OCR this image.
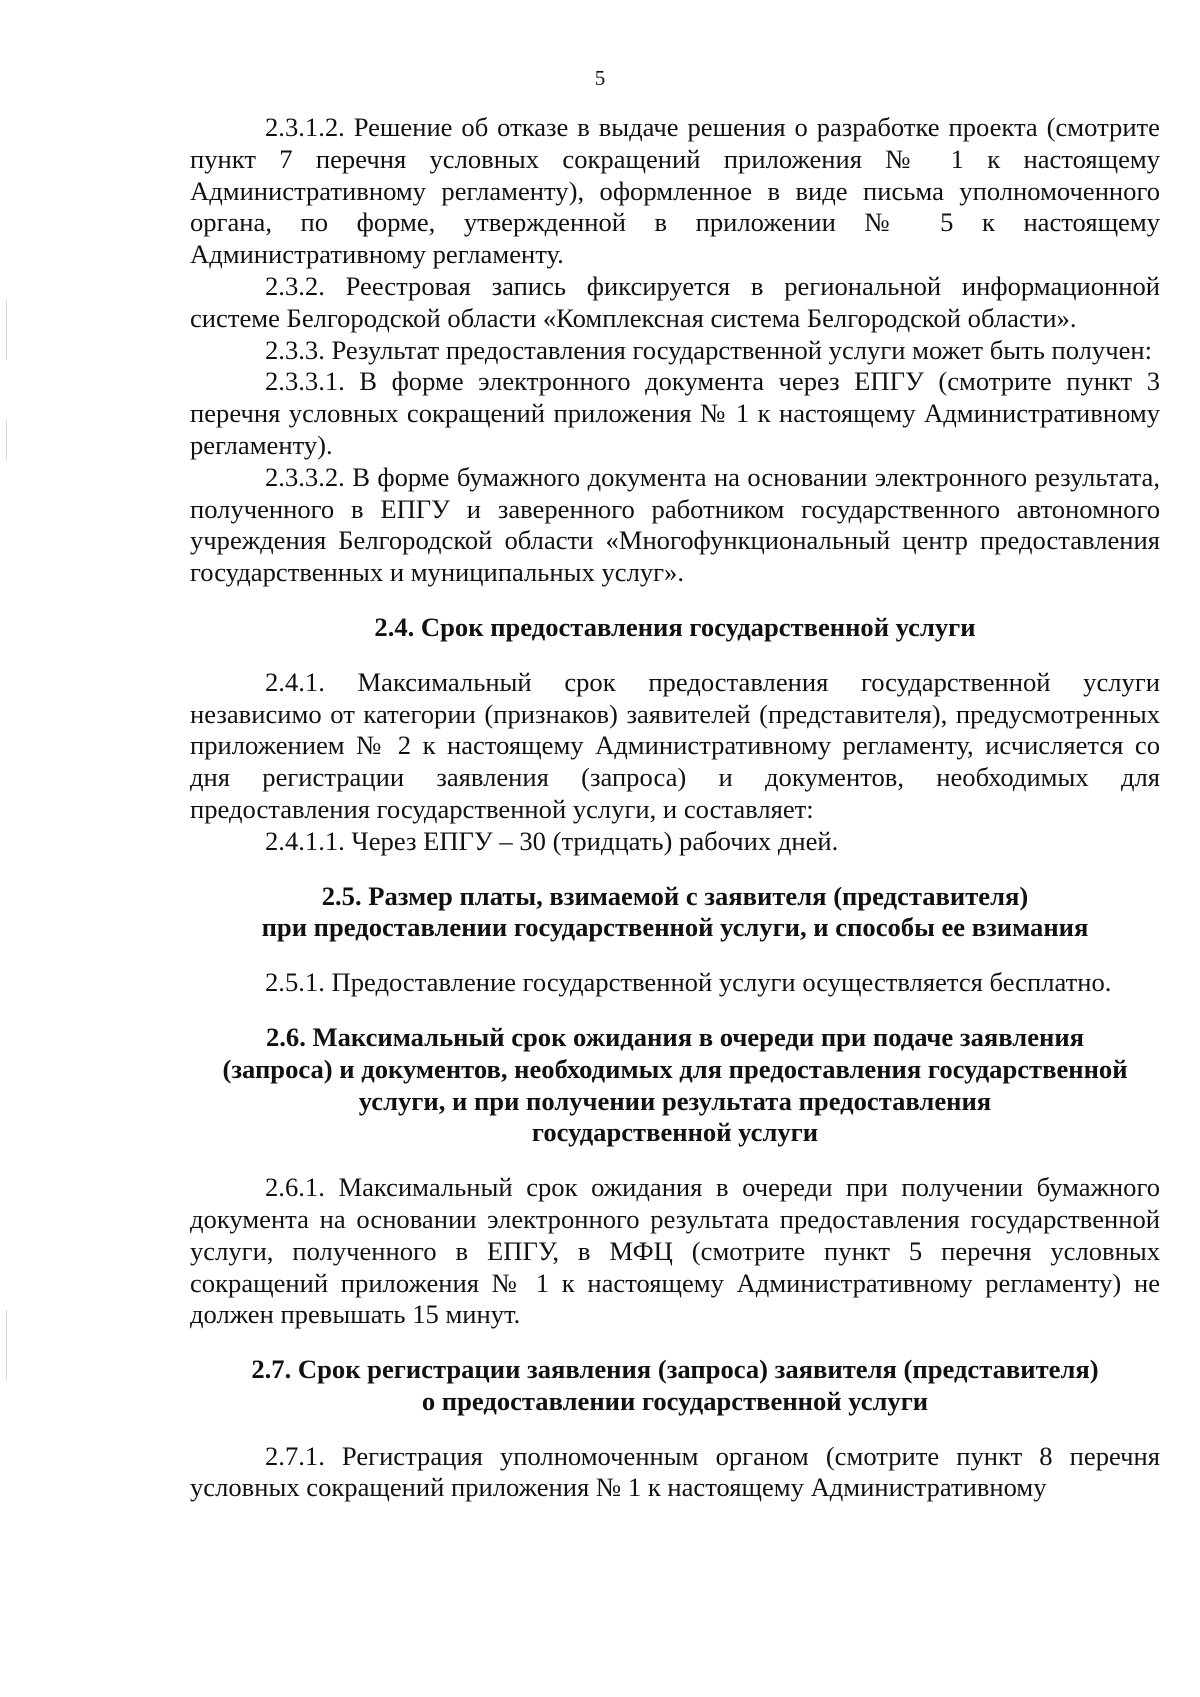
5

2.3.1.2. Решение об отказе в выдаче решения о разработке проекта (смотрите пункт 7 перечня условных сокращений приложения № 1 к настоящему Административному регламенту), оформленное в виде письма уполномоченного органа, по форме, утвержденной в приложении № 5 к настоящему Административному регламенту.

2.3.2. Реестровая запись фиксируется в региональной информационной системе Белгородской области «Комплексная система Белгородской области».

2.3.3. Результат предоставления государственной услуги может быть получен:

2.3.3.1. В форме электронного документа через ЕПГУ (смотрите пункт 3 перечня условных сокращений приложения № 1 к настоящему Административному регламенту).

2.3.3.2. В форме бумажного документа на основании электронного результата, полученного в ЕПГУ и заверенного работником государственного автономного учреждения Белгородской области «Многофункциональный центр предоставления государственных и муниципальных услуг».

2.4. Срок предоставления государственной услуги

2.4.1. Максимальный срок предоставления государственной услуги независимо от категории (признаков) заявителей (представителя), предусмотренных приложением № 2 к настоящему Административному регламенту, исчисляется со дня регистрации заявления (запроса) и документов, необходимых для предоставления государственной услуги, и составляет:

2.4.1.1. Через ЕПГУ – 30 (тридцать) рабочих дней.

2.5. Размер платы, взимаемой с заявителя (представителя)
при предоставлении государственной услуги, и способы ее взимания

2.5.1. Предоставление государственной услуги осуществляется бесплатно.

2.6. Максимальный срок ожидания в очереди при подаче заявления
(запроса) и документов, необходимых для предоставления государственной
услуги, и при получении результата предоставления
государственной услуги

2.6.1. Максимальный срок ожидания в очереди при получении бумажного документа на основании электронного результата предоставления государственной услуги, полученного в ЕПГУ, в МФЦ (смотрите пункт 5 перечня условных сокращений приложения № 1 к настоящему Административному регламенту) не должен превышать 15 минут.

2.7. Срок регистрации заявления (запроса) заявителя (представителя)
о предоставлении государственной услуги

2.7.1. Регистрация уполномоченным органом (смотрите пункт 8 перечня условных сокращений приложения № 1 к настоящему Административному
